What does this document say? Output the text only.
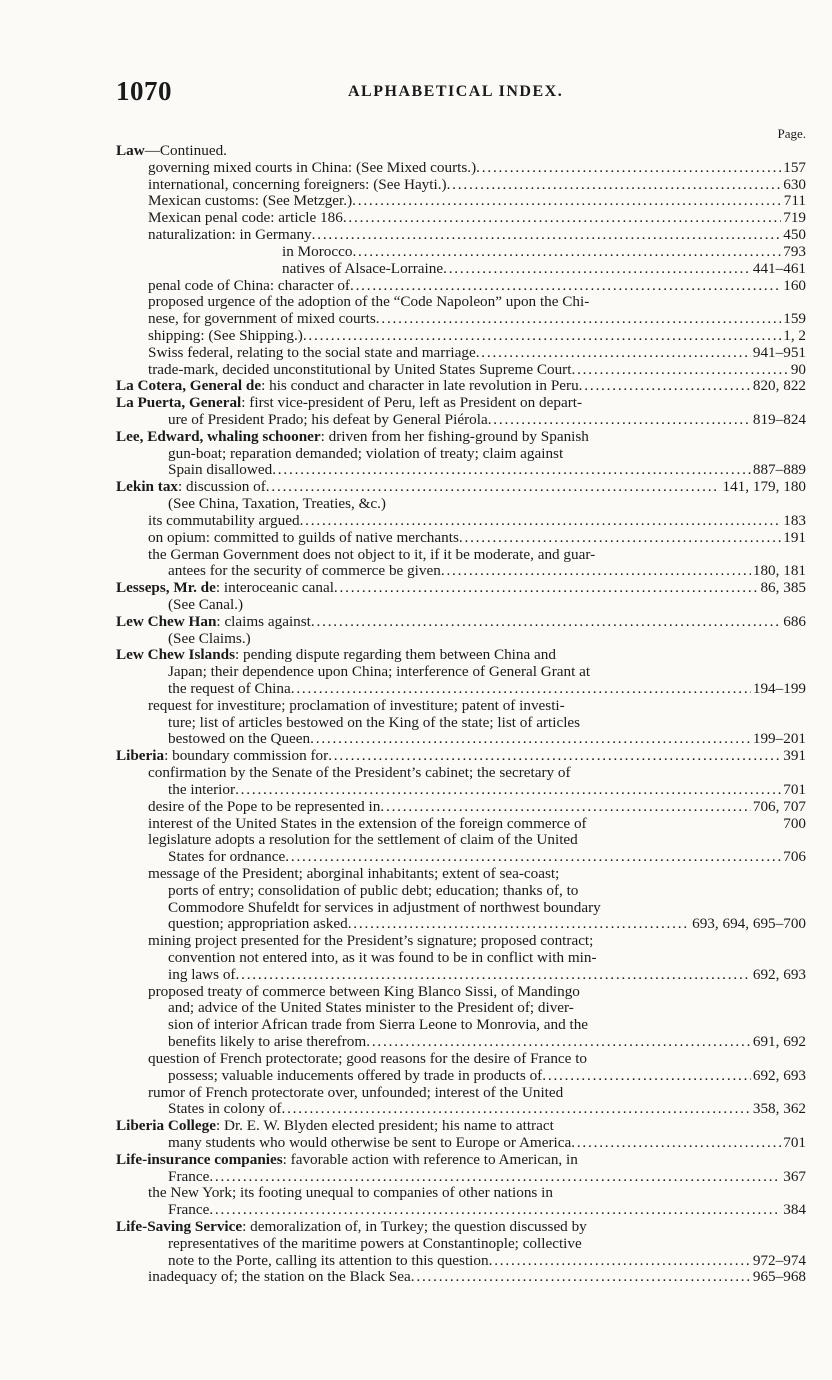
1070	ALPHABETICAL INDEX.
Page.
Law—Continued.
governing mixed courts in China: (See Mixed courts.) . . .	157
international, concerning foreigners: (See Hayti.) . . .	630
Mexican customs: (See Metzger.) . . .	711
Mexican penal code: article 186 . . .	719
naturalization: in Germany . . .	450
in Morocco . . .	793
natives of Alsace-Lorraine . . .	441–461
penal code of China: character of . . .	160
proposed urgence of the adoption of the “Code Napoleon” upon the Chi-
nese, for government of mixed courts . . .	159
shipping: (See Shipping.) . . .	1, 2
Swiss federal, relating to the social state and marriage . . .	941–951
trade-mark, decided unconstitutional by United States Supreme Court . . .	90
La Cotera, General de: his conduct and character in late revolution in Peru . . .	820, 822
La Puerta, General: first vice-president of Peru, left as President on depart-
ure of President Prado; his defeat by General Piérola . . .	819–824
Lee, Edward, whaling schooner: driven from her fishing-ground by Spanish
gun-boat; reparation demanded; violation of treaty; claim against
Spain disallowed . . .	887–889
Lekin tax: discussion of . . .	141, 179, 180
(See China, Taxation, Treaties, &c.)
its commutability argued . . .	183
on opium: committed to guilds of native merchants . . .	191
the German Government does not object to it, if it be moderate, and guar-
antees for the security of commerce be given . . .	180, 181
Lesseps, Mr. de: interoceanic canal . . .	86, 385
(See Canal.)
Lew Chew Han: claims against . . .	686
(See Claims.)
Lew Chew Islands: pending dispute regarding them between China and
Japan; their dependence upon China; interference of General Grant at
the request of China . . .	194–199
request for investiture; proclamation of investiture; patent of investi-
ture; list of articles bestowed on the King of the state; list of articles
bestowed on the Queen . . .	199–201
Liberia: boundary commission for . . .	391
confirmation by the Senate of the President’s cabinet; the secretary of
the interior . . .	701
desire of the Pope to be represented in . . .	706, 707
interest of the United States in the extension of the foreign commerce of	700
legislature adopts a resolution for the settlement of claim of the United
States for ordnance . . .	706
message of the President; aborginal inhabitants; extent of sea-coast;
ports of entry; consolidation of public debt; education; thanks of, to
Commodore Shufeldt for services in adjustment of northwest boundary
question; appropriation asked . . .	693, 694, 695–700
mining project presented for the President’s signature; proposed contract;
convention not entered into, as it was found to be in conflict with min-
ing laws of . . .	692, 693
proposed treaty of commerce between King Blanco Sissi, of Mandingo
and; advice of the United States minister to the President of; diver-
sion of interior African trade from Sierra Leone to Monrovia, and the
benefits likely to arise therefrom . . .	691, 692
question of French protectorate; good reasons for the desire of France to
possess; valuable inducements offered by trade in products of . . .	692, 693
rumor of French protectorate over, unfounded; interest of the United
States in colony of . . .	358, 362
Liberia College: Dr. E. W. Blyden elected president; his name to attract
many students who would otherwise be sent to Europe or America . . .	701
Life-insurance companies: favorable action with reference to American, in
France . . .	367
the New York; its footing unequal to companies of other nations in
France . . .	384
Life-Saving Service: demoralization of, in Turkey; the question discussed by
representatives of the maritime powers at Constantinople; collective
note to the Porte, calling its attention to this question . . .	972–974
inadequacy of; the station on the Black Sea . . .	965–968
